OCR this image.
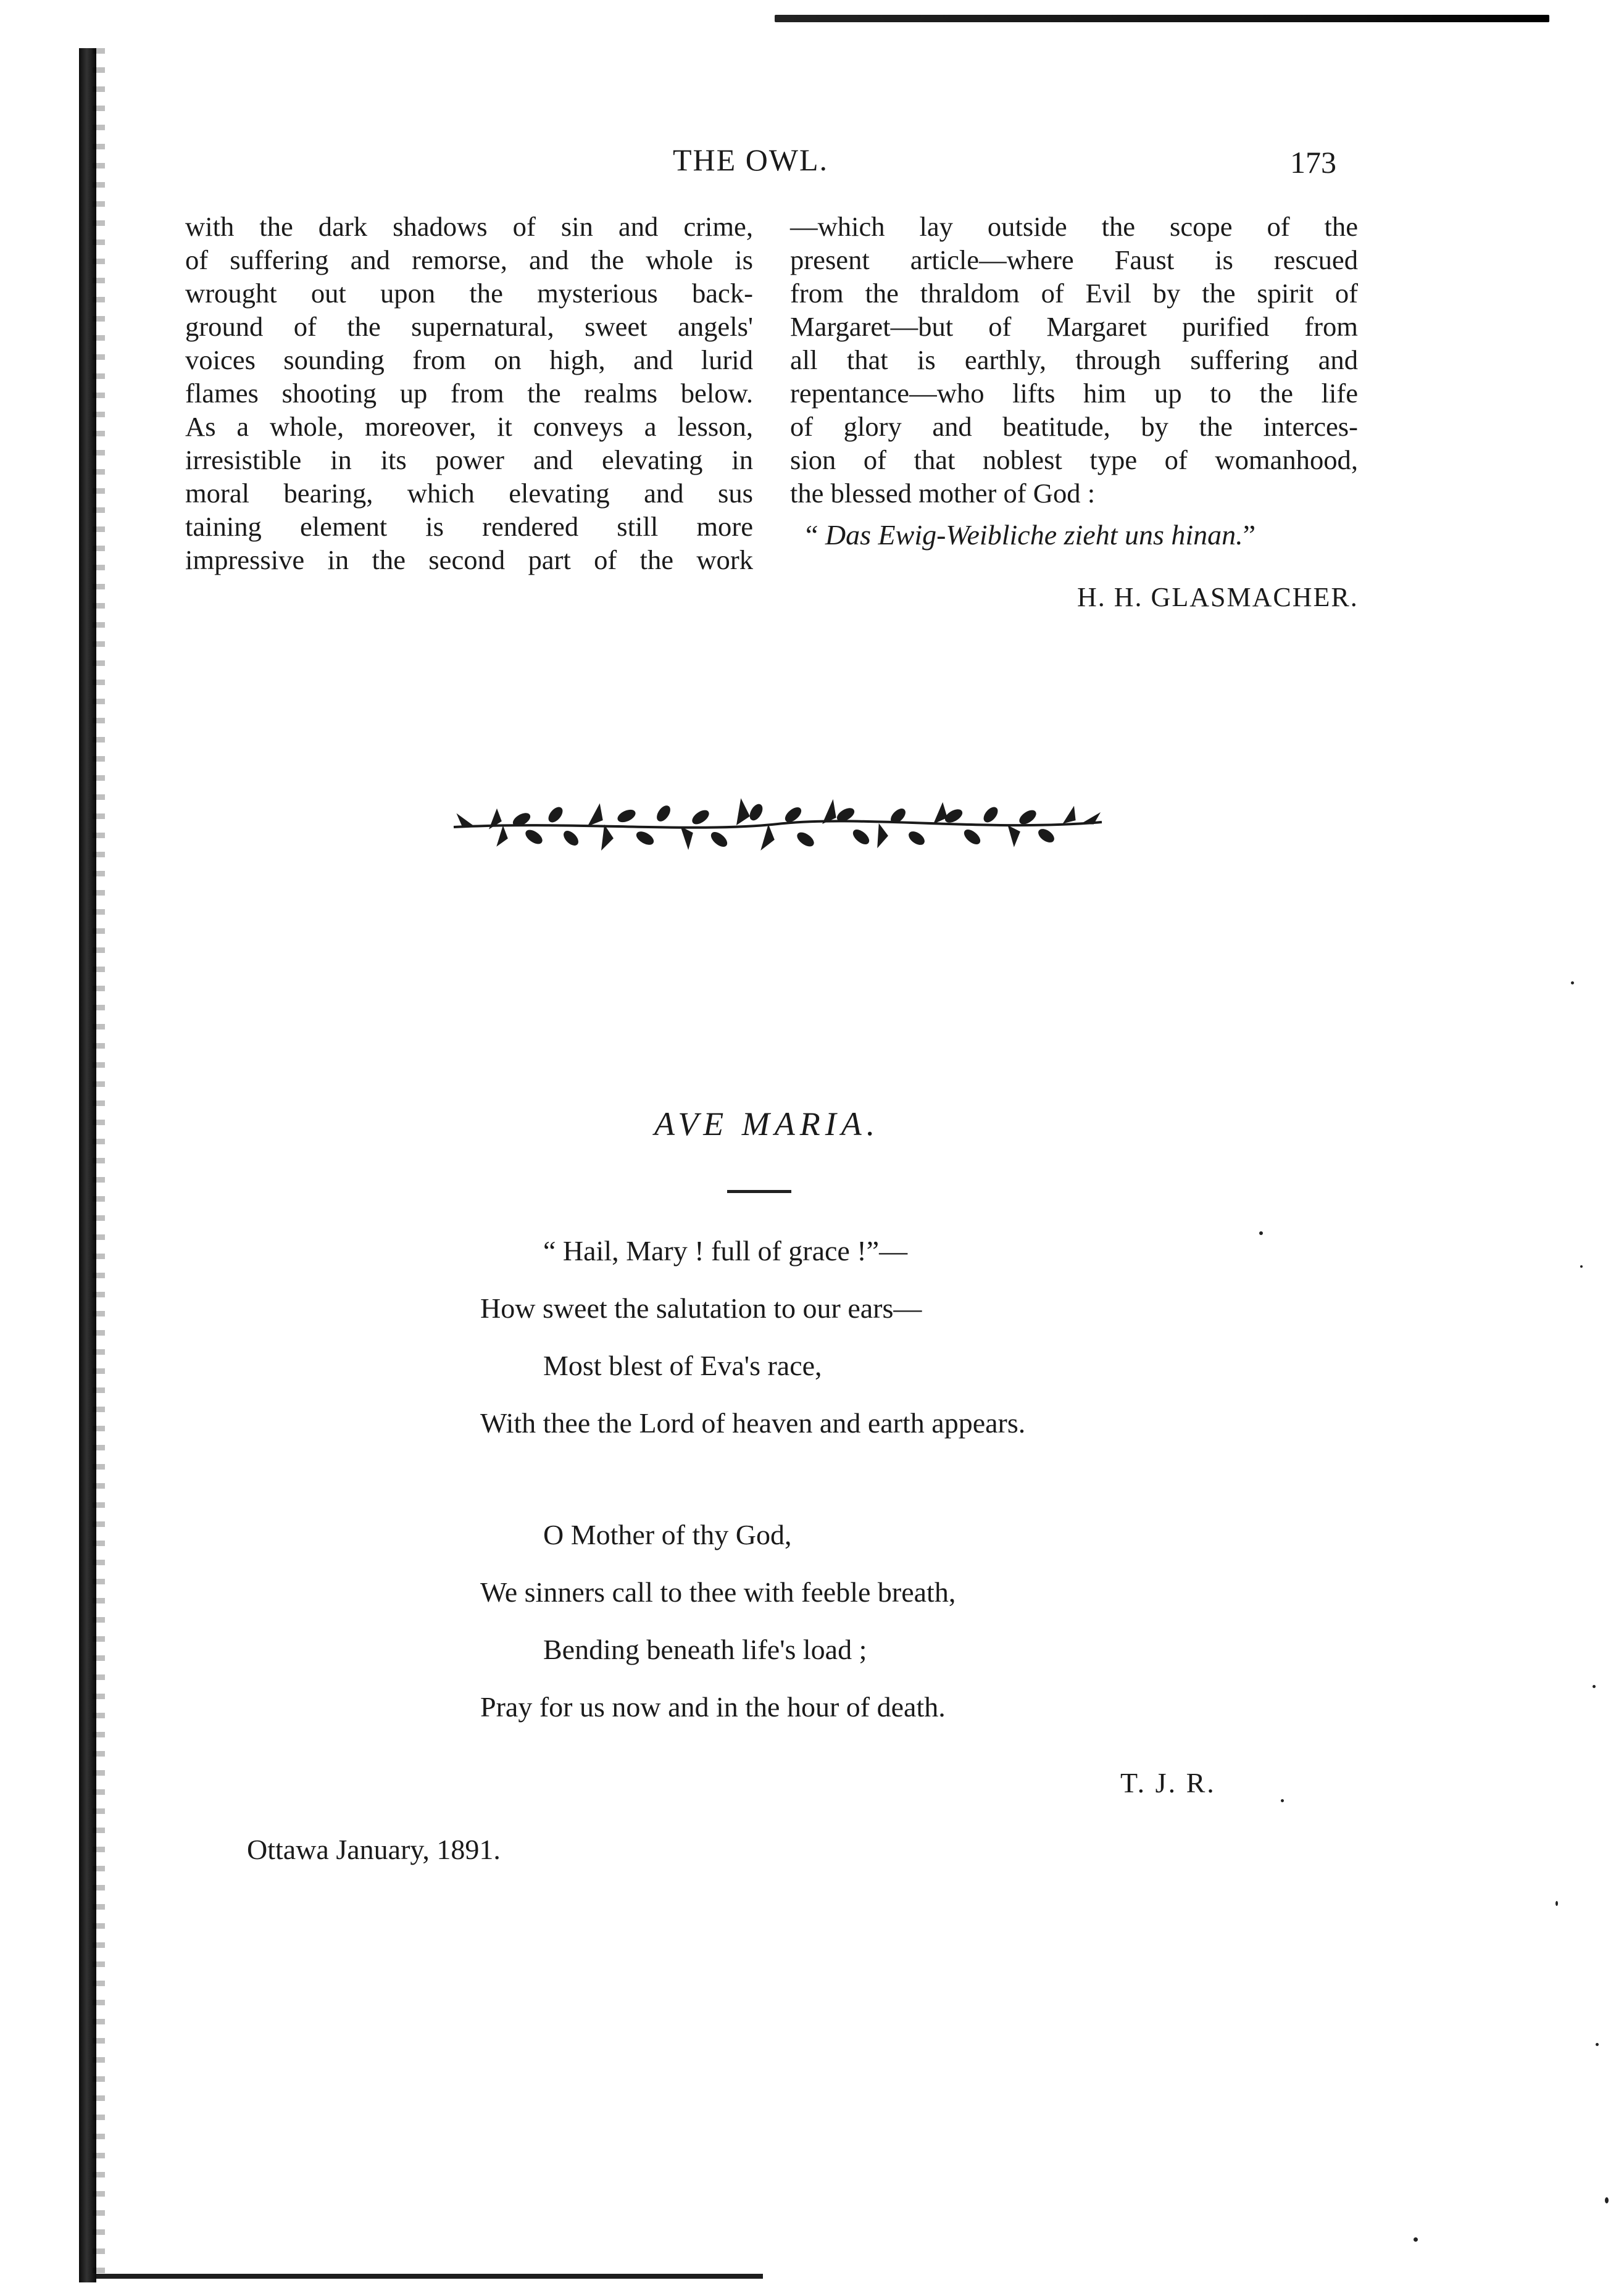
THE OWL.	173
with the dark shadows of sin and crime,
of suffering and remorse, and the whole is
wrought out upon the mysterious back-
ground of the supernatural, sweet angels'
voices sounding from on high, and lurid
flames shooting up from the realms below.
As a whole, moreover, it conveys a lesson,
irresistible in its power and elevating in
moral bearing, which elevating and sus
taining element is rendered still more
impressive in the second part of the work
—which lay outside the scope of the
present article—where Faust is rescued
from the thraldom of Evil by the spirit of
Margaret—but of Margaret purified from
all that is earthly, through suffering and
repentance—who lifts him up to the life
of glory and beatitude, by the interces-
sion of that noblest type of womanhood,
the blessed mother of God :
“ Das Ewig-Weibliche zieht uns hinan.”
H. H. GLASMACHER.
AVE MARIA.
“ Hail, Mary ! full of grace !”—
How sweet the salutation to our ears—
Most blest of Eva's race,
With thee the Lord of heaven and earth appears.
O Mother of thy God,
We sinners call to thee with feeble breath,
Bending beneath life's load ;
Pray for us now and in the hour of death.
T. J. R.
Ottawa January, 1891.
